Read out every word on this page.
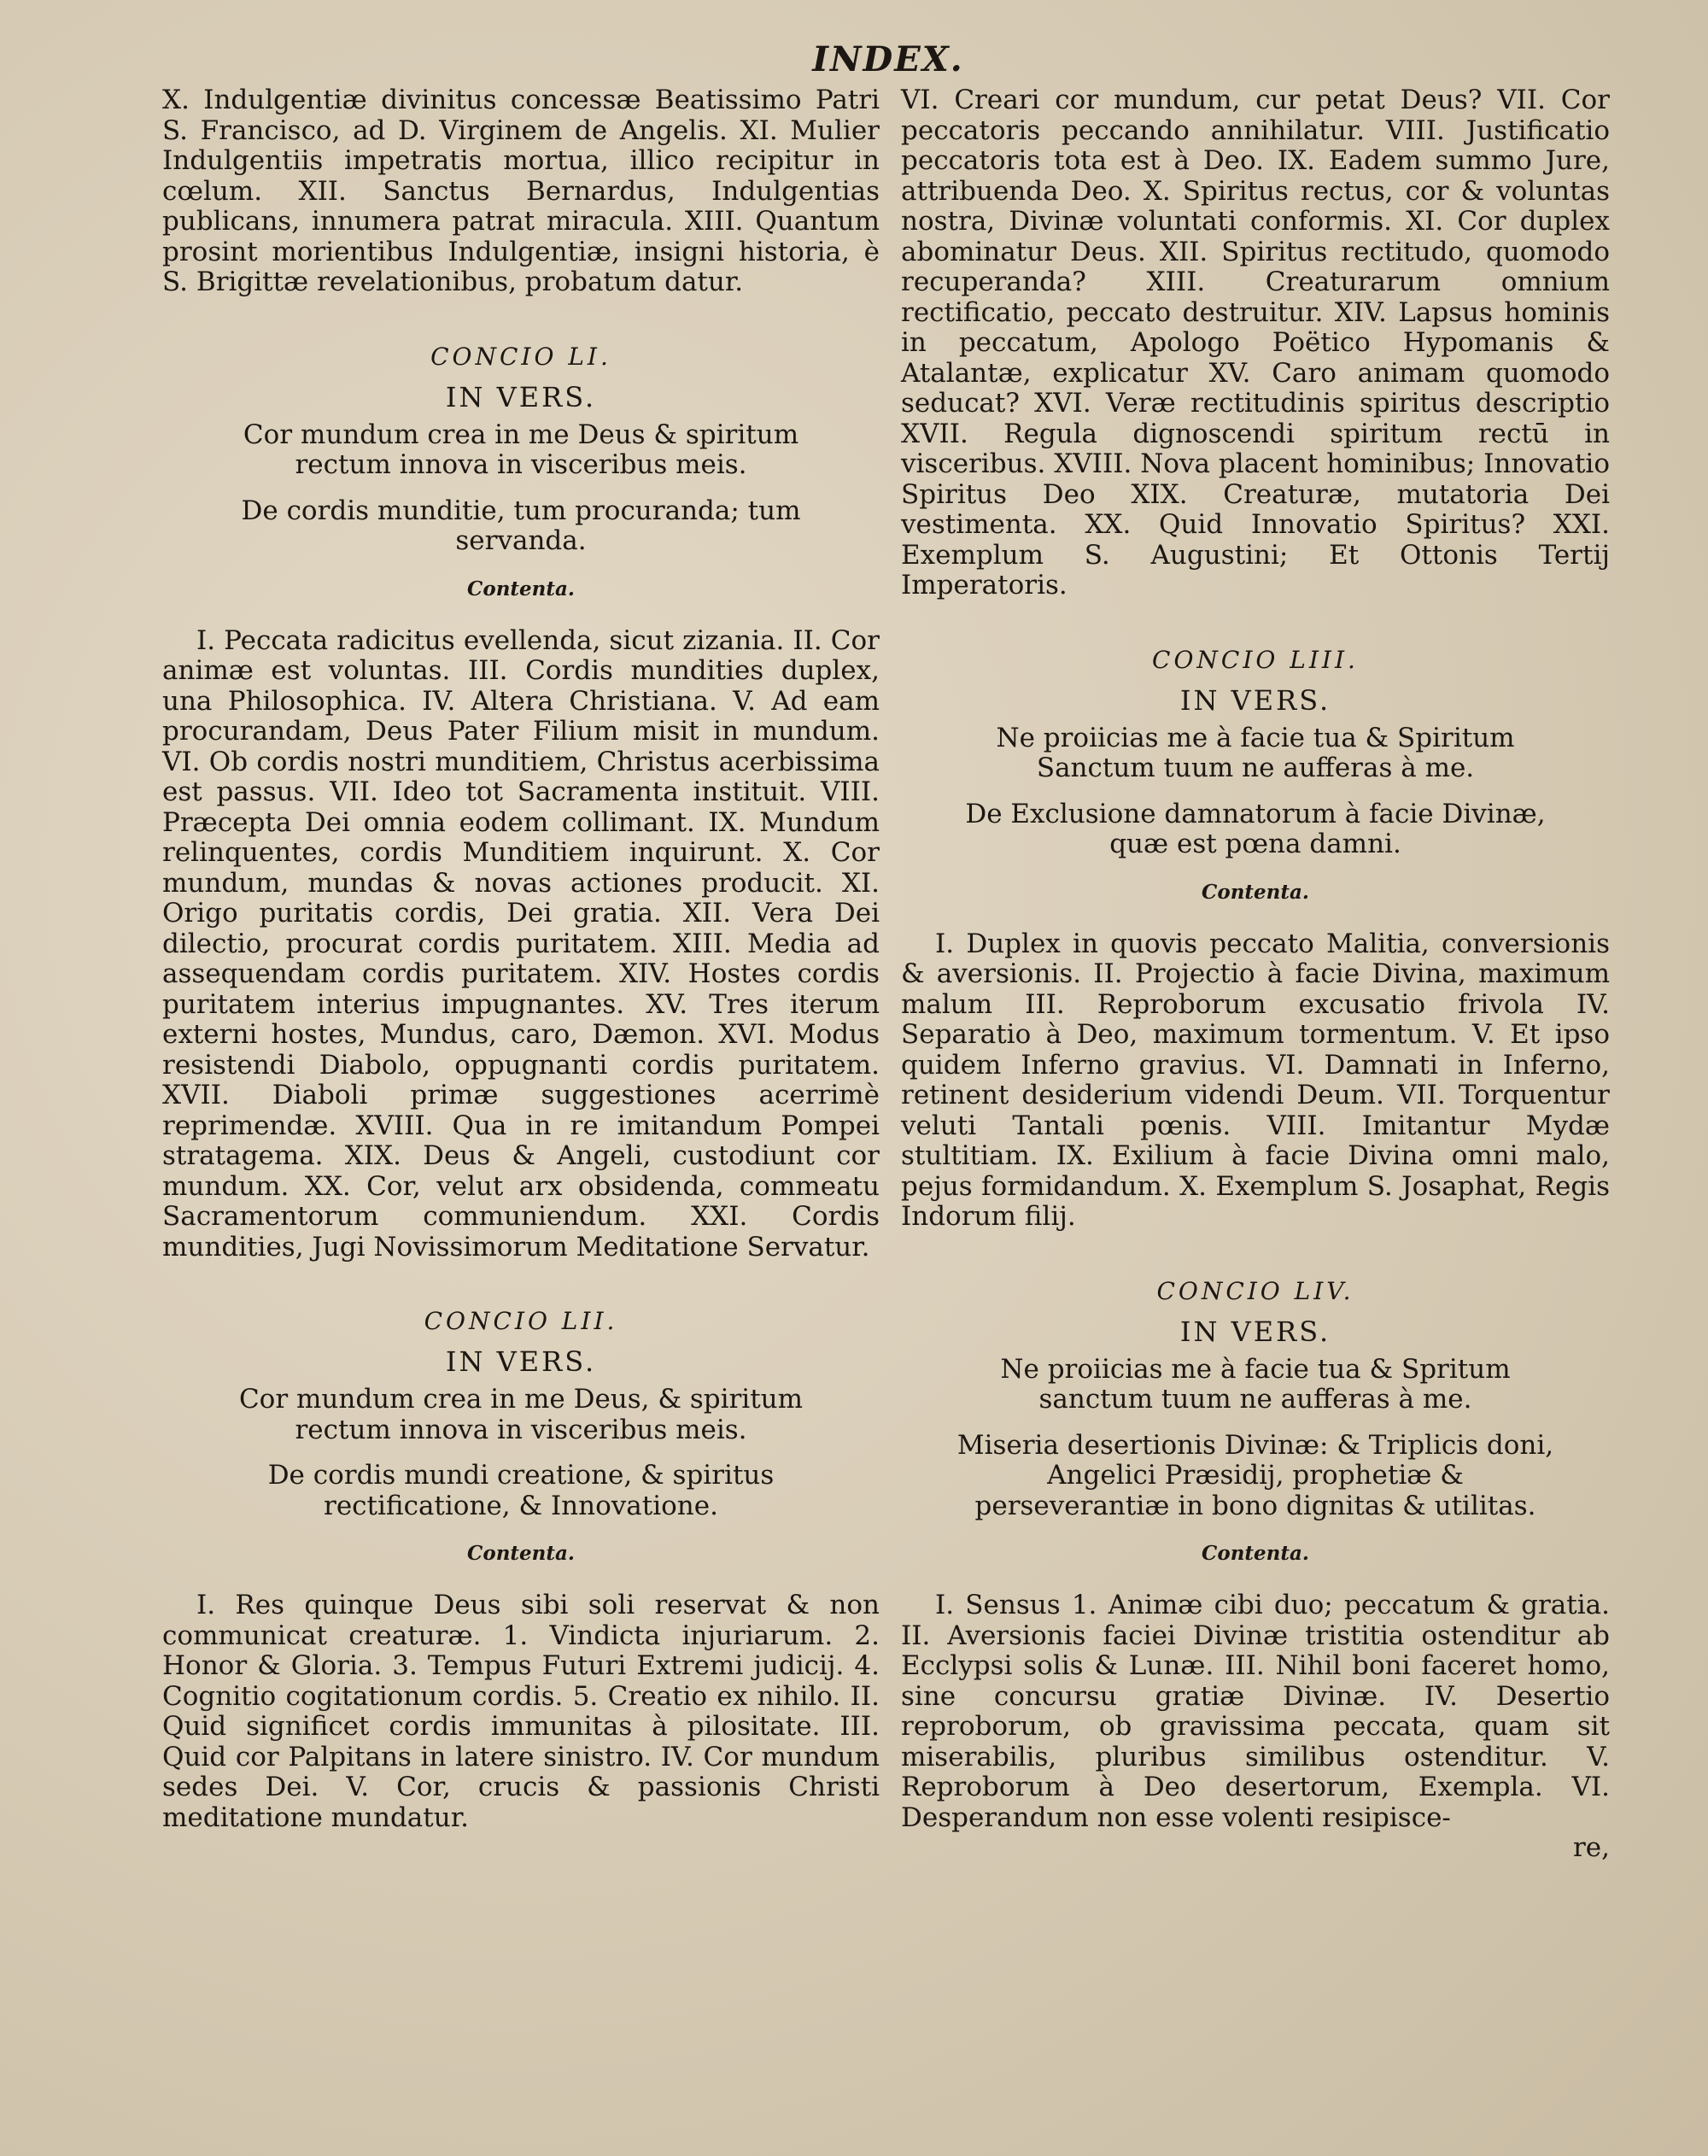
INDEX.

X. Indulgentiæ divinitus concessæ Beatissimo Patri S. Francisco, ad D. Virginem de Angelis. XI. Mulier Indulgentiis impetratis mortua, illico recipitur in cœlum. XII. Sanctus Bernardus, Indulgentias publicans, innumera patrat miracula. XIII. Quantum prosint morientibus Indulgentiæ, insigni historia, è S. Brigittæ revelationibus, probatum datur.

CONCIO LI.
IN VERS.
Cor mundum crea in me Deus & spiritum rectum innova in visceribus meis.
De cordis munditie, tum procuranda; tum servanda.
Contenta.

I. Peccata radicitus evellenda, sicut zizania. II. Cor animæ est voluntas. III. Cordis mundities duplex, una Philosophica. IV. Altera Christiana. V. Ad eam procurandam, Deus Pater Filium misit in mundum. VI. Ob cordis nostri munditiem, Christus acerbissima est passus. VII. Ideo tot Sacramenta instituit. VIII. Præcepta Dei omnia eodem collimant. IX. Mundum relinquentes, cordis Munditiem inquirunt. X. Cor mundum, mundas & novas actiones producit. XI. Origo puritatis cordis, Dei gratia. XII. Vera Dei dilectio, procurat cordis puritatem. XIII. Media ad assequendam cordis puritatem. XIV. Hostes cordis puritatem interius impugnantes. XV. Tres iterum externi hostes, Mundus, caro, Dæmon. XVI. Modus resistendi Diabolo, oppugnanti cordis puritatem. XVII. Diaboli primæ suggestiones acerrimè reprimendæ. XVIII. Qua in re imitandum Pompei stratagema. XIX. Deus & Angeli, custodiunt cor mundum. XX. Cor, velut arx obsidenda, commeatu Sacramentorum communiendum. XXI. Cordis mundities, Jugi Novissimorum Meditatione Servatur.

CONCIO LII.
IN VERS.
Cor mundum crea in me Deus, & spiritum rectum innova in visceribus meis.
De cordis mundi creatione, & spiritus rectificatione, & Innovatione.
Contenta.

I. Res quinque Deus sibi soli reservat & non communicat creaturæ. 1. Vindicta injuriarum. 2. Honor & Gloria. 3. Tempus Futuri Extremi judicij. 4. Cognitio cogitationum cordis. 5. Creatio ex nihilo. II. Quid significet cordis immunitas à pilositate. III. Quid cor Palpitans in latere sinistro. IV. Cor mundum sedes Dei. V. Cor, crucis & passionis Christi meditatione mundatur.

VI. Creari cor mundum, cur petat Deus? VII. Cor peccatoris peccando annihilatur. VIII. Justificatio peccatoris tota est à Deo. IX. Eadem summo Jure, attribuenda Deo. X. Spiritus rectus, cor & voluntas nostra, Divinæ voluntati conformis. XI. Cor duplex abominatur Deus. XII. Spiritus rectitudo, quomodo recuperanda? XIII. Creaturarum omnium rectificatio, peccato destruitur. XIV. Lapsus hominis in peccatum, Apologo Poëtico Hypomanis & Atalantæ, explicatur XV. Caro animam quomodo seducat? XVI. Veræ rectitudinis spiritus descriptio XVII. Regula dignoscendi spiritum rectū in visceribus. XVIII. Nova placent hominibus; Innovatio Spiritus Deo XIX. Creaturæ, mutatoria Dei vestimenta. XX. Quid Innovatio Spiritus? XXI. Exemplum S. Augustini; Et Ottonis Tertij Imperatoris.

CONCIO LIII.
IN VERS.
Ne proiicias me à facie tua & Spiritum Sanctum tuum ne aufferas à me.
De Exclusione damnatorum à facie Divinæ, quæ est pœna damni.
Contenta.

I. Duplex in quovis peccato Malitia, conversionis & aversionis. II. Projectio à facie Divina, maximum malum III. Reproborum excusatio frivola IV. Separatio à Deo, maximum tormentum. V. Et ipso quidem Inferno gravius. VI. Damnati in Inferno, retinent desiderium videndi Deum. VII. Torquentur veluti Tantali pœnis. VIII. Imitantur Mydæ stultitiam. IX. Exilium à facie Divina omni malo, pejus formidandum. X. Exemplum S. Josaphat, Regis Indorum filij.

CONCIO LIV.
IN VERS.
Ne proiicias me à facie tua & Spritum sanctum tuum ne aufferas à me.
Miseria desertionis Divinæ: & Triplicis doni, Angelici Præsidij, prophetiæ & perseverantiæ in bono dignitas & utilitas.
Contenta.

I. Sensus 1. Animæ cibi duo; peccatum & gratia. II. Aversionis faciei Divinæ tristitia ostenditur ab Ecclypsi solis & Lunæ. III. Nihil boni faceret homo, sine concursu gratiæ Divinæ. IV. Desertio reproborum, ob gravissima peccata, quam sit miserabilis, pluribus similibus ostenditur. V. Reproborum à Deo desertorum, Exempla. VI. Desperandum non esse volenti resipisce-

re,
